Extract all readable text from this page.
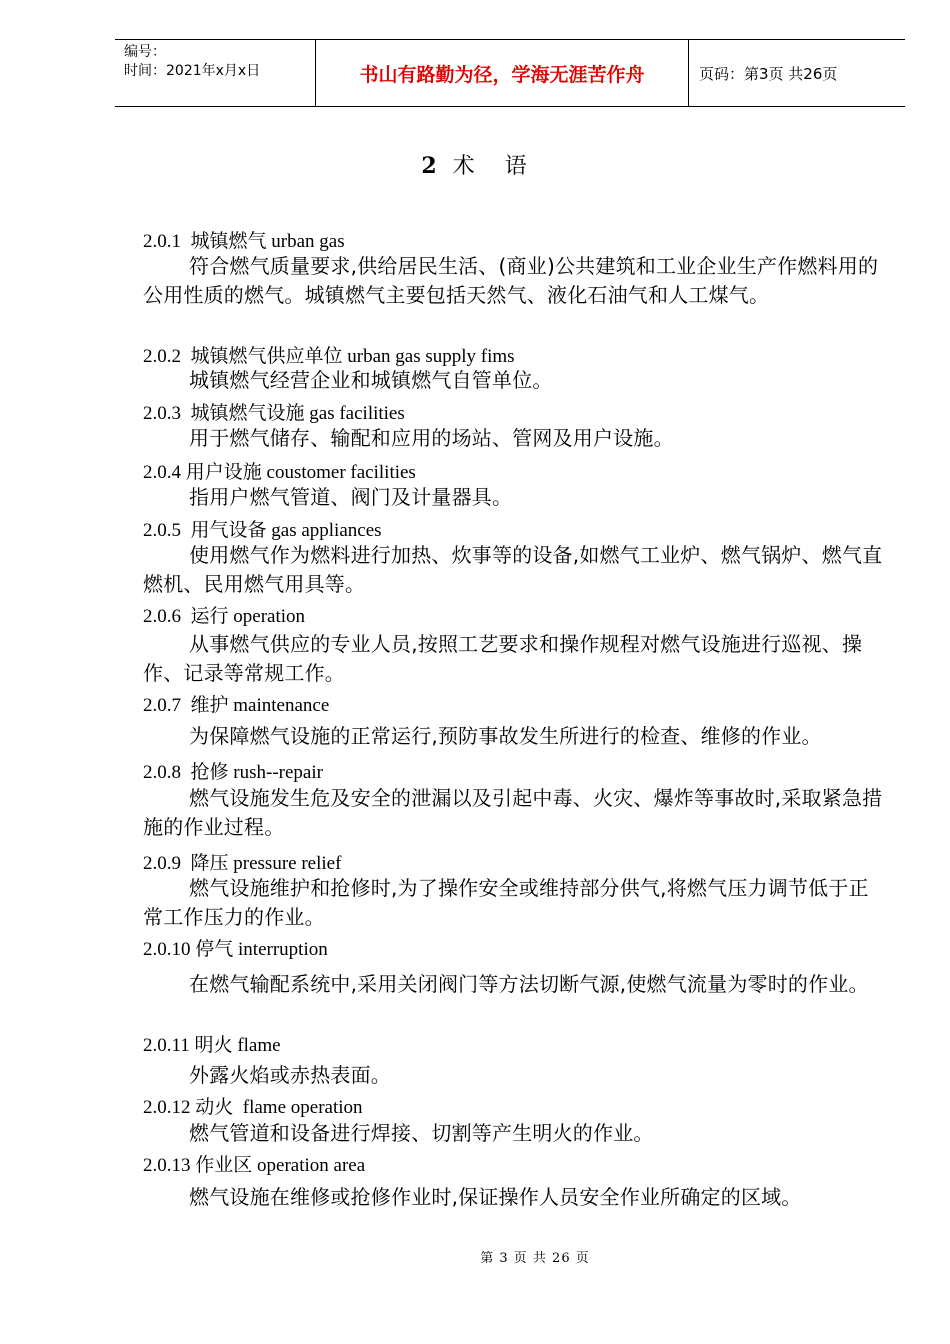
编号：
时间：2021年x月x日	书山有路勤为径，学海无涯苦作舟	页码：第3页 共26页
2 术 语
2.0.1 城镇燃气 urban gas
符合燃气质量要求,供给居民生活、(商业)公共建筑和工业企业生产作燃料用的公用性质的燃气。城镇燃气主要包括天然气、液化石油气和人工煤气。
2.0.2 城镇燃气供应单位 urban gas supply fims
城镇燃气经营企业和城镇燃气自管单位。
2.0.3 城镇燃气设施 gas facilities
用于燃气储存、输配和应用的场站、管网及用户设施。
2.0.4 用户设施 coustomer facilities
指用户燃气管道、阀门及计量器具。
2.0.5 用气设备 gas appliances
使用燃气作为燃料进行加热、炊事等的设备,如燃气工业炉、燃气锅炉、燃气直燃机、民用燃气用具等。
2.0.6 运行 operation
从事燃气供应的专业人员,按照工艺要求和操作规程对燃气设施进行巡视、操作、记录等常规工作。
2.0.7 维护 maintenance
为保障燃气设施的正常运行,预防事故发生所进行的检查、维修的作业。
2.0.8 抢修 rush--repair
燃气设施发生危及安全的泄漏以及引起中毒、火灾、爆炸等事故时,采取紧急措施的作业过程。
2.0.9 降压 pressure relief
燃气设施维护和抢修时,为了操作安全或维持部分供气,将燃气压力调节低于正常工作压力的作业。
2.0.10 停气 interruption
在燃气输配系统中,采用关闭阀门等方法切断气源,使燃气流量为零时的作业。
2.0.11 明火 flame
外露火焰或赤热表面。
2.0.12 动火 flame operation
燃气管道和设备进行焊接、切割等产生明火的作业。
2.0.13 作业区 operation area
燃气设施在维修或抢修作业时,保证操作人员安全作业所确定的区域。
第 3 页 共 26 页
